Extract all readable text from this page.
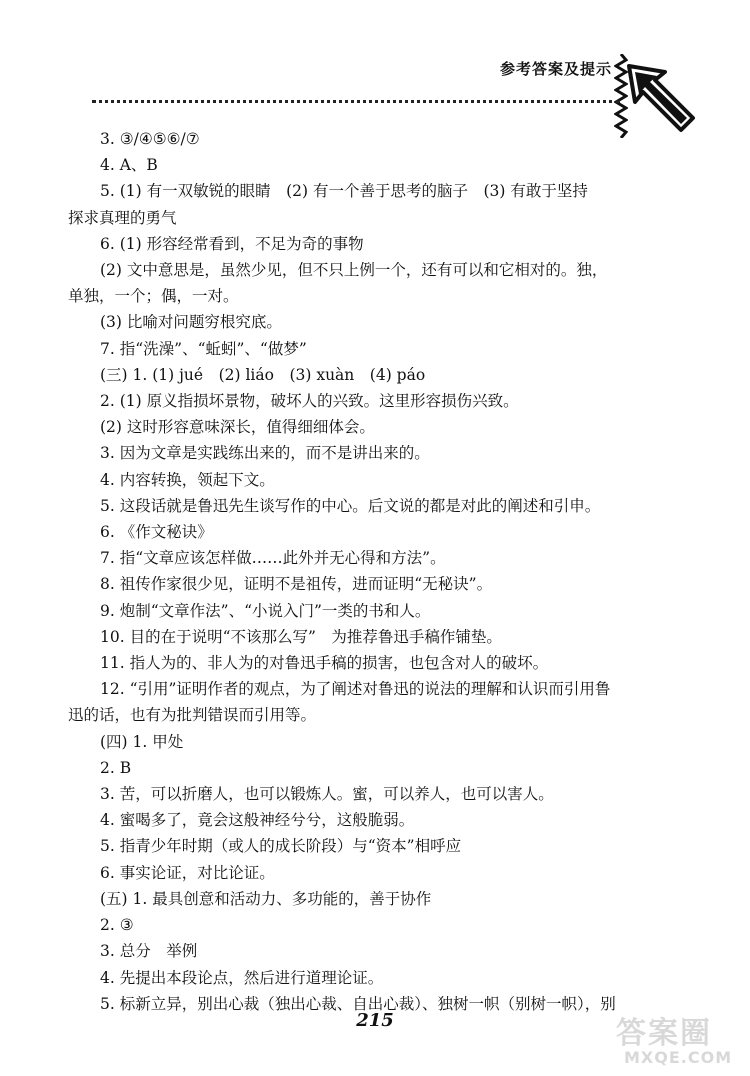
参考答案及提示
3. ③/④⑤⑥/⑦
4. A、B
5. (1) 有一双敏锐的眼睛　(2) 有一个善于思考的脑子　(3) 有敢于坚持
探求真理的勇气
6. (1) 形容经常看到，不足为奇的事物
(2) 文中意思是，虽然少见，但不只上例一个，还有可以和它相对的。独，
单独，一个；偶，一对。
(3) 比喻对问题穷根究底。
7. 指“洗澡”、“蚯蚓”、“做梦”
(三) 1. (1) jué　(2) liáo　(3) xuàn　(4) páo
2. (1) 原义指损坏景物，破坏人的兴致。这里形容损伤兴致。
(2) 这时形容意味深长，值得细细体会。
3. 因为文章是实践练出来的，而不是讲出来的。
4. 内容转换，领起下文。
5. 这段话就是鲁迅先生谈写作的中心。后文说的都是对此的阐述和引申。
6. 《作文秘诀》
7. 指“文章应该怎样做……此外并无心得和方法”。
8. 祖传作家很少见，证明不是祖传，进而证明“无秘诀”。
9. 炮制“文章作法”、“小说入门”一类的书和人。
10. 目的在于说明“不该那么写”　为推荐鲁迅手稿作铺垫。
11. 指人为的、非人为的对鲁迅手稿的损害，也包含对人的破坏。
12. “引用”证明作者的观点，为了阐述对鲁迅的说法的理解和认识而引用鲁
迅的话，也有为批判错误而引用等。
(四) 1. 甲处
2. B
3. 苦，可以折磨人，也可以锻炼人。蜜，可以养人，也可以害人。
4. 蜜喝多了，竟会这般神经兮兮，这般脆弱。
5. 指青少年时期（或人的成长阶段）与“资本”相呼应
6. 事实论证，对比论证。
(五) 1. 最具创意和活动力、多功能的，善于协作
2. ③
3. 总分　举例
4. 先提出本段论点，然后进行道理论证。
5. 标新立异，别出心裁（独出心裁、自出心裁）、独树一帜（别树一帜），别
215	答案圈
MXQE.COM
